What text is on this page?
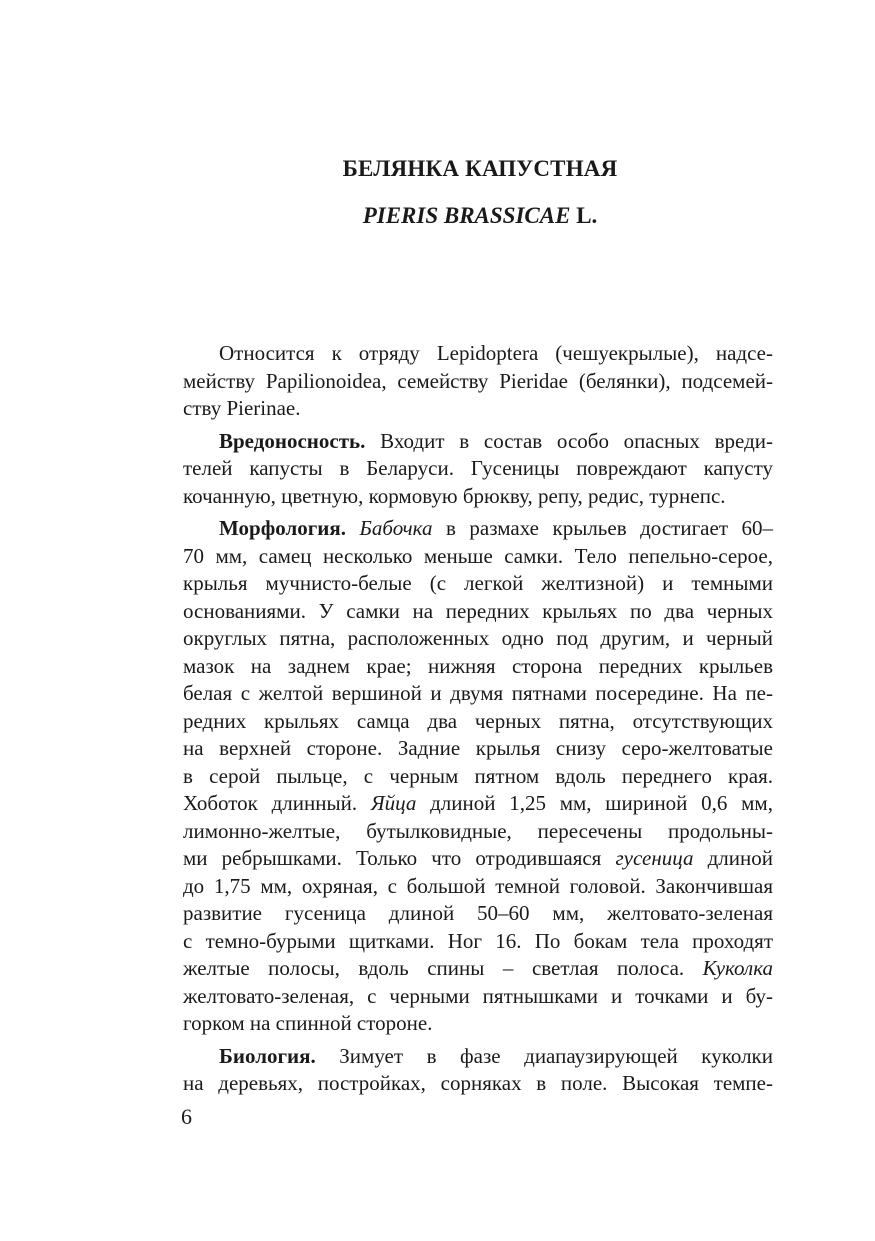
БЕЛЯНКА КАПУСТНАЯ
PIERIS BRASSICAE L.
Относится к отряду Lepidoptera (чешуекрылые), надсе-
мейству Papilionoidea, семейству Pieridae (белянки), подсемей-
ству Pierinae.
Вредоносность. Входит в состав особо опасных вреди-
телей капусты в Беларуси. Гусеницы повреждают капусту
кочанную, цветную, кормовую брюкву, репу, редис, турнепс.
Морфология. Бабочка в размахе крыльев достигает 60–
70 мм, самец несколько меньше самки. Тело пепельно-серое,
крылья мучнисто-белые (с легкой желтизной) и темными
основаниями. У самки на передних крыльях по два черных
округлых пятна, расположенных одно под другим, и черный
мазок на заднем крае; нижняя сторона передних крыльев
белая с желтой вершиной и двумя пятнами посередине. На пе-
редних крыльях самца два черных пятна, отсутствующих
на верхней стороне. Задние крылья снизу серо-желтоватые
в серой пыльце, с черным пятном вдоль переднего края.
Хоботок длинный. Яйца длиной 1,25 мм, шириной 0,6 мм,
лимонно-желтые, бутылковидные, пересечены продольны-
ми ребрышками. Только что отродившаяся гусеница длиной
до 1,75 мм, охряная, с большой темной головой. Закончившая
развитие гусеница длиной 50–60 мм, желтовато-зеленая
с темно-бурыми щитками. Ног 16. По бокам тела проходят
желтые полосы, вдоль спины – светлая полоса. Куколка
желтовато-зеленая, с черными пятнышками и точками и бу-
горком на спинной стороне.
Биология. Зимует в фазе диапаузирующей куколки
на деревьях, постройках, сорняках в поле. Высокая темпе-
6
